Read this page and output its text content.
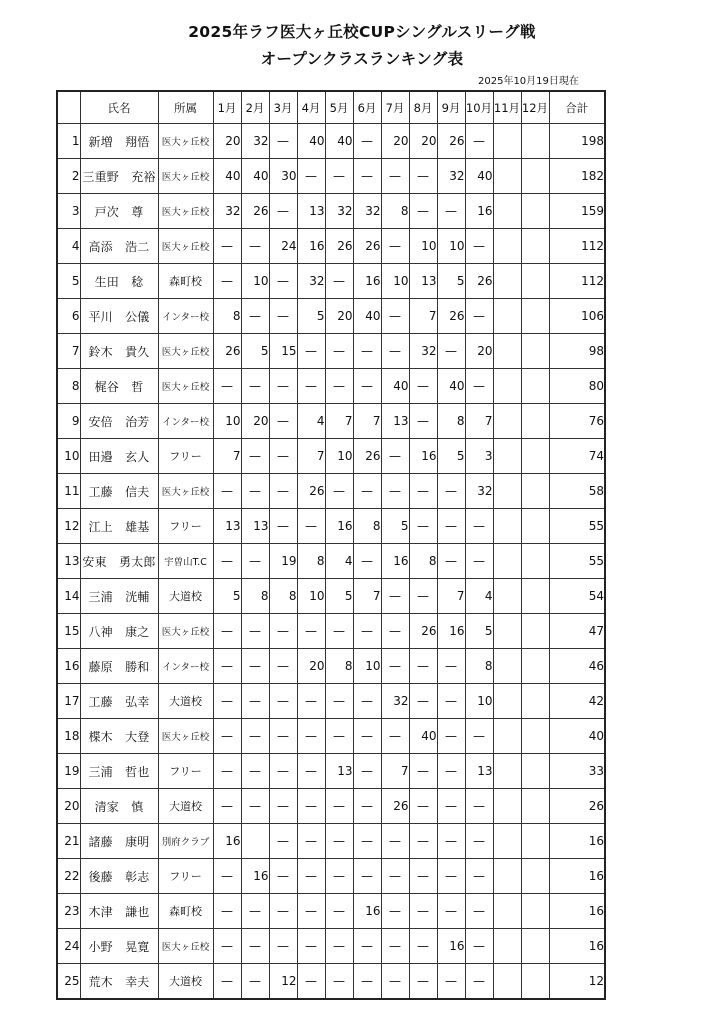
2025年ラフ医大ヶ丘校CUPシングルスリーグ戦
オープンクラスランキング表
2025年10月19日現在
	氏名	所属	1月	2月	3月	4月	5月	6月	7月	8月	9月	10月	11月	12月	合計
1	新増　翔悟	医大ヶ丘校	20	32	—	40	40	—	20	20	26	—			198
2	三重野　充裕	医大ヶ丘校	40	40	30	—	—	—	—	—	32	40			182
3	戸次　尊	医大ヶ丘校	32	26	—	13	32	32	8	—	—	16			159
4	高添　浩二	医大ヶ丘校	—	—	24	16	26	26	—	10	10	—			112
5	生田　稔	森町校	—	10	—	32	—	16	10	13	5	26			112
6	平川　公儀	インター校	8	—	—	5	20	40	—	7	26	—			106
7	鈴木　貴久	医大ヶ丘校	26	5	15	—	—	—	—	32	—	20			98
8	梶谷　哲	医大ヶ丘校	—	—	—	—	—	—	40	—	40	—			80
9	安倍　治芳	インター校	10	20	—	4	7	7	13	—	8	7			76
10	田邉　玄人	フリー	7	—	—	7	10	26	—	16	5	3			74
11	工藤　信夫	医大ヶ丘校	—	—	—	26	—	—	—	—	—	32			58
12	江上　雄基	フリー	13	13	—	—	16	8	5	—	—	—			55
13	安東　勇太郎	宇曽山T.C	—	—	19	8	4	—	16	8	—	—			55
14	三浦　洸輔	大道校	5	8	8	10	5	7	—	—	7	4			54
15	八神　康之	医大ヶ丘校	—	—	—	—	—	—	—	26	16	5			47
16	藤原　勝和	インター校	—	—	—	20	8	10	—	—	—	8			46
17	工藤　弘幸	大道校	—	—	—	—	—	—	32	—	—	10			42
18	楪木　大登	医大ヶ丘校	—	—	—	—	—	—	—	40	—	—			40
19	三浦　哲也	フリー	—	—	—	—	13	—	7	—	—	13			33
20	清家　慎	大道校	—	—	—	—	—	—	26	—	—	—			26
21	諸藤　康明	別府クラブ	16		—	—	—	—	—	—	—	—			16
22	後藤　彰志	フリー	—	16	—	—	—	—	—	—	—	—			16
23	木津　謙也	森町校	—	—	—	—	—	16	—	—	—	—			16
24	小野　晃寛	医大ヶ丘校	—	—	—	—	—	—	—	—	16	—			16
25	荒木　幸夫	大道校	—	—	12	—	—	—	—	—	—	—			12
